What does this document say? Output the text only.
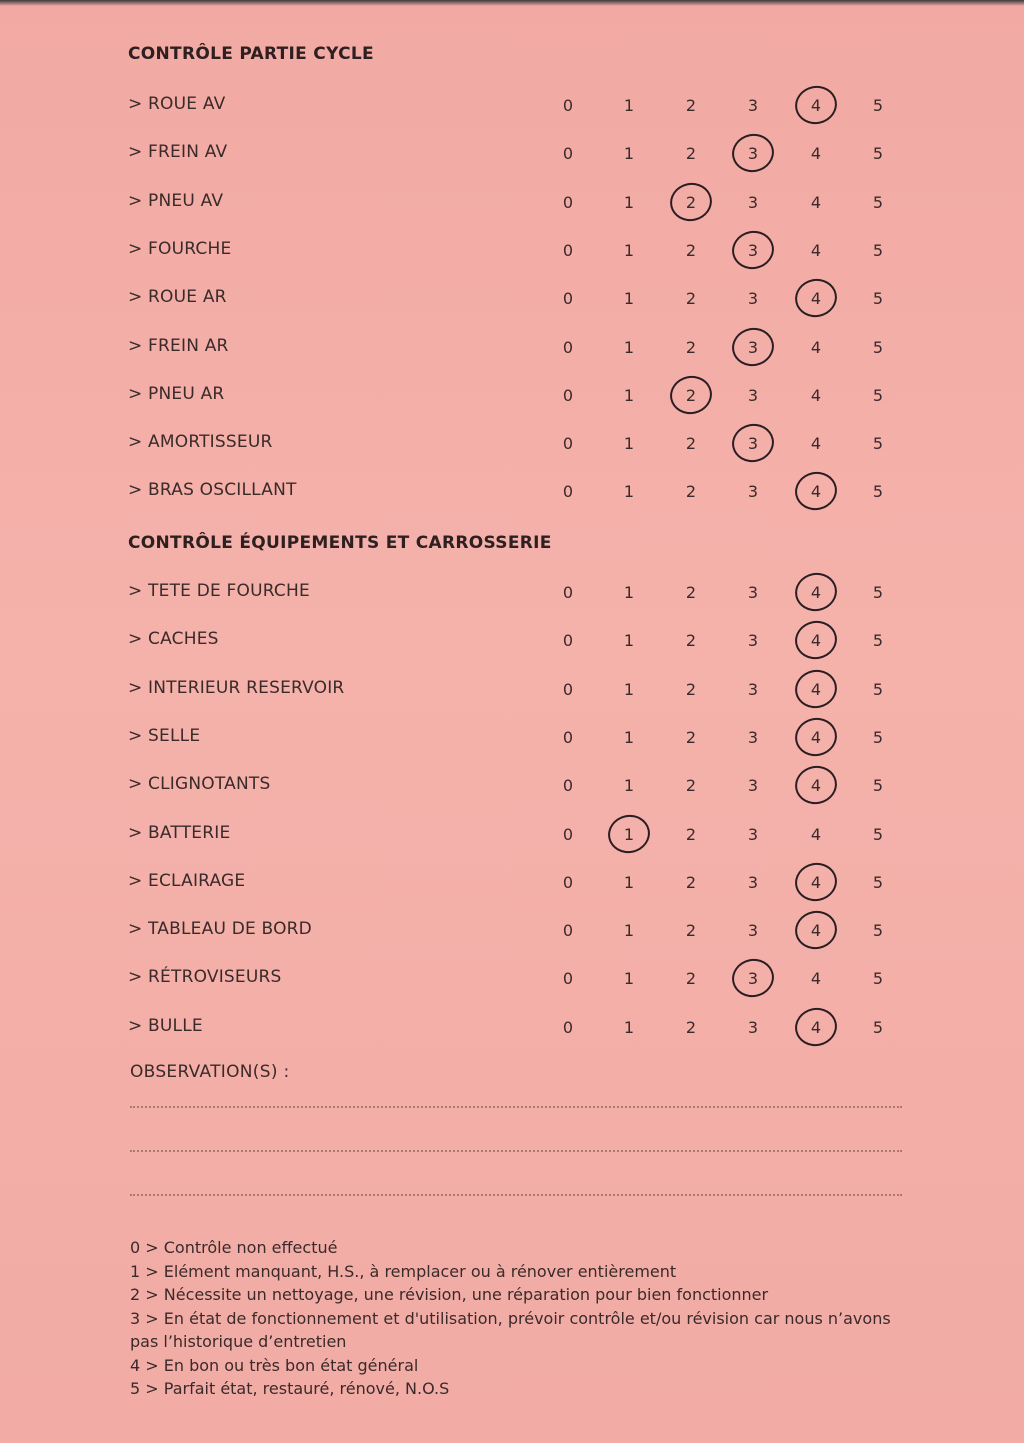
CONTRÔLE PARTIE CYCLE
> ROUE AV	0	1	2	3	4	5
> FREIN AV	0	1	2	3	4	5
> PNEU AV	0	1	2	3	4	5
> FOURCHE	0	1	2	3	4	5
> ROUE AR	0	1	2	3	4	5
> FREIN AR	0	1	2	3	4	5
> PNEU AR	0	1	2	3	4	5
> AMORTISSEUR	0	1	2	3	4	5
> BRAS OSCILLANT	0	1	2	3	4	5
CONTRÔLE ÉQUIPEMENTS ET CARROSSERIE
> TETE DE FOURCHE	0	1	2	3	4	5
> CACHES	0	1	2	3	4	5
> INTERIEUR RESERVOIR	0	1	2	3	4	5
> SELLE	0	1	2	3	4	5
> CLIGNOTANTS	0	1	2	3	4	5
> BATTERIE	0	1	2	3	4	5
> ECLAIRAGE	0	1	2	3	4	5
> TABLEAU DE BORD	0	1	2	3	4	5
> RÉTROVISEURS	0	1	2	3	4	5
> BULLE	0	1	2	3	4	5
OBSERVATION(S) :
0 > Contrôle non effectué
1 > Elément manquant, H.S., à remplacer ou à rénover entièrement
2 > Nécessite un nettoyage, une révision, une réparation pour bien fonctionner
3 > En état de fonctionnement et d'utilisation, prévoir contrôle et/ou révision car nous n’avons pas l’historique d’entretien
4 > En bon ou très bon état général
5 > Parfait état, restauré, rénové, N.O.S
